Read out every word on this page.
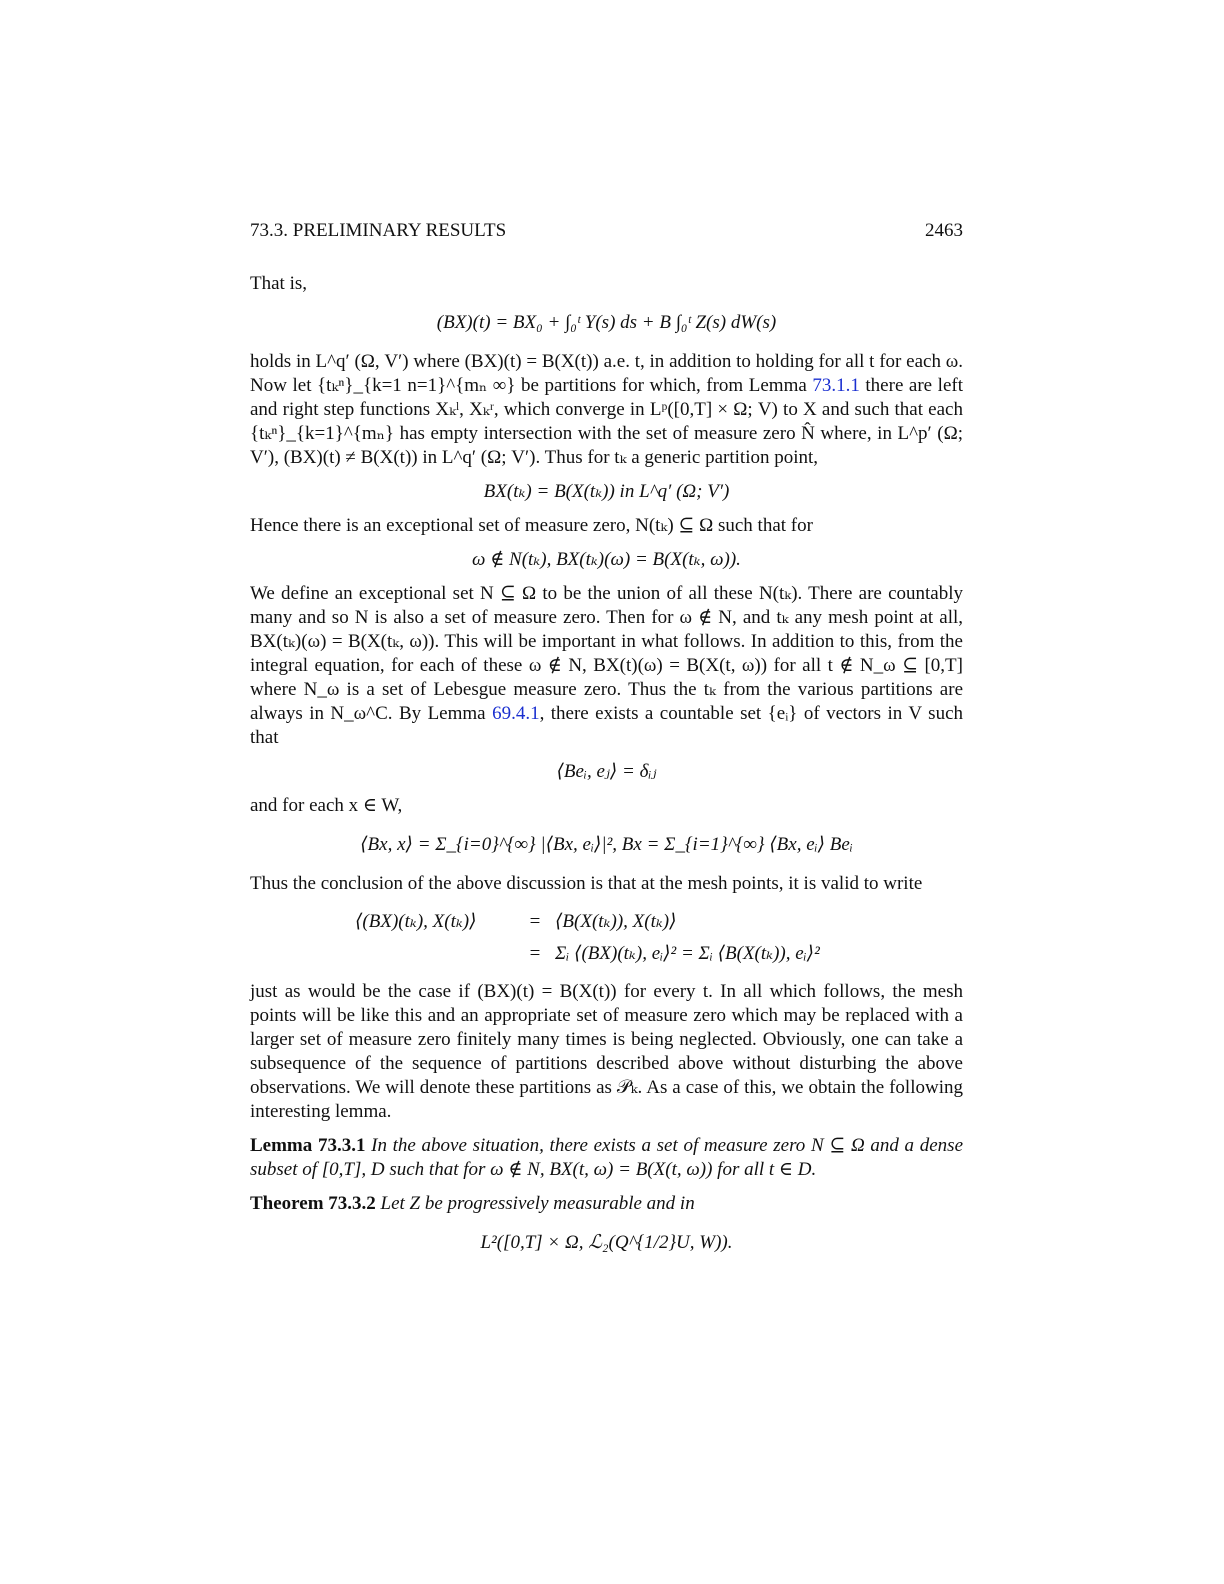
73.3. PRELIMINARY RESULTS	2463

That is,

(BX)(t) = BX₀ + ∫₀ᵗ Y(s) ds + B ∫₀ᵗ Z(s) dW(s)

holds in L^q′ (Ω, V′) where (BX)(t) = B(X(t)) a.e. t, in addition to holding for all t for each ω. Now let {tₖⁿ}_{k=1 n=1}^{mₙ ∞} be partitions for which, from Lemma 73.1.1 there are left and right step functions Xₖˡ, Xₖʳ, which converge in Lᵖ([0,T] × Ω; V) to X and such that each {tₖⁿ}_{k=1}^{mₙ} has empty intersection with the set of measure zero N̂ where, in L^p′ (Ω; V′), (BX)(t) ≠ B(X(t)) in L^q′ (Ω; V′). Thus for tₖ a generic partition point,

BX(tₖ) = B(X(tₖ)) in L^q′ (Ω; V′)

Hence there is an exceptional set of measure zero, N(tₖ) ⊆ Ω such that for

ω ∉ N(tₖ), BX(tₖ)(ω) = B(X(tₖ, ω)).

We define an exceptional set N ⊆ Ω to be the union of all these N(tₖ). There are countably many and so N is also a set of measure zero. Then for ω ∉ N, and tₖ any mesh point at all, BX(tₖ)(ω) = B(X(tₖ, ω)). This will be important in what follows. In addition to this, from the integral equation, for each of these ω ∉ N, BX(t)(ω) = B(X(t, ω)) for all t ∉ N_ω ⊆ [0,T] where N_ω is a set of Lebesgue measure zero. Thus the tₖ from the various partitions are always in N_ω^C. By Lemma 69.4.1, there exists a countable set {eᵢ} of vectors in V such that

⟨Beᵢ, eⱼ⟩ = δᵢⱼ

and for each x ∈ W,

⟨Bx, x⟩ = Σ_{i=0}^{∞} |⟨Bx, eᵢ⟩|², Bx = Σ_{i=1}^{∞} ⟨Bx, eᵢ⟩ Beᵢ

Thus the conclusion of the above discussion is that at the mesh points, it is valid to write

⟨(BX)(tₖ), X(tₖ)⟩	= ⟨B(X(tₖ)), X(tₖ)⟩
= Σᵢ ⟨(BX)(tₖ), eᵢ⟩² = Σᵢ ⟨B(X(tₖ)), eᵢ⟩²

just as would be the case if (BX)(t) = B(X(t)) for every t. In all which follows, the mesh points will be like this and an appropriate set of measure zero which may be replaced with a larger set of measure zero finitely many times is being neglected. Obviously, one can take a subsequence of the sequence of partitions described above without disturbing the above observations. We will denote these partitions as 𝒫ₖ. As a case of this, we obtain the following interesting lemma.

Lemma 73.3.1 In the above situation, there exists a set of measure zero N ⊆ Ω and a dense subset of [0,T], D such that for ω ∉ N, BX(t, ω) = B(X(t, ω)) for all t ∈ D.

Theorem 73.3.2 Let Z be progressively measurable and in

L²([0,T] × Ω, ℒ₂(Q^{1/2}U, W)).
